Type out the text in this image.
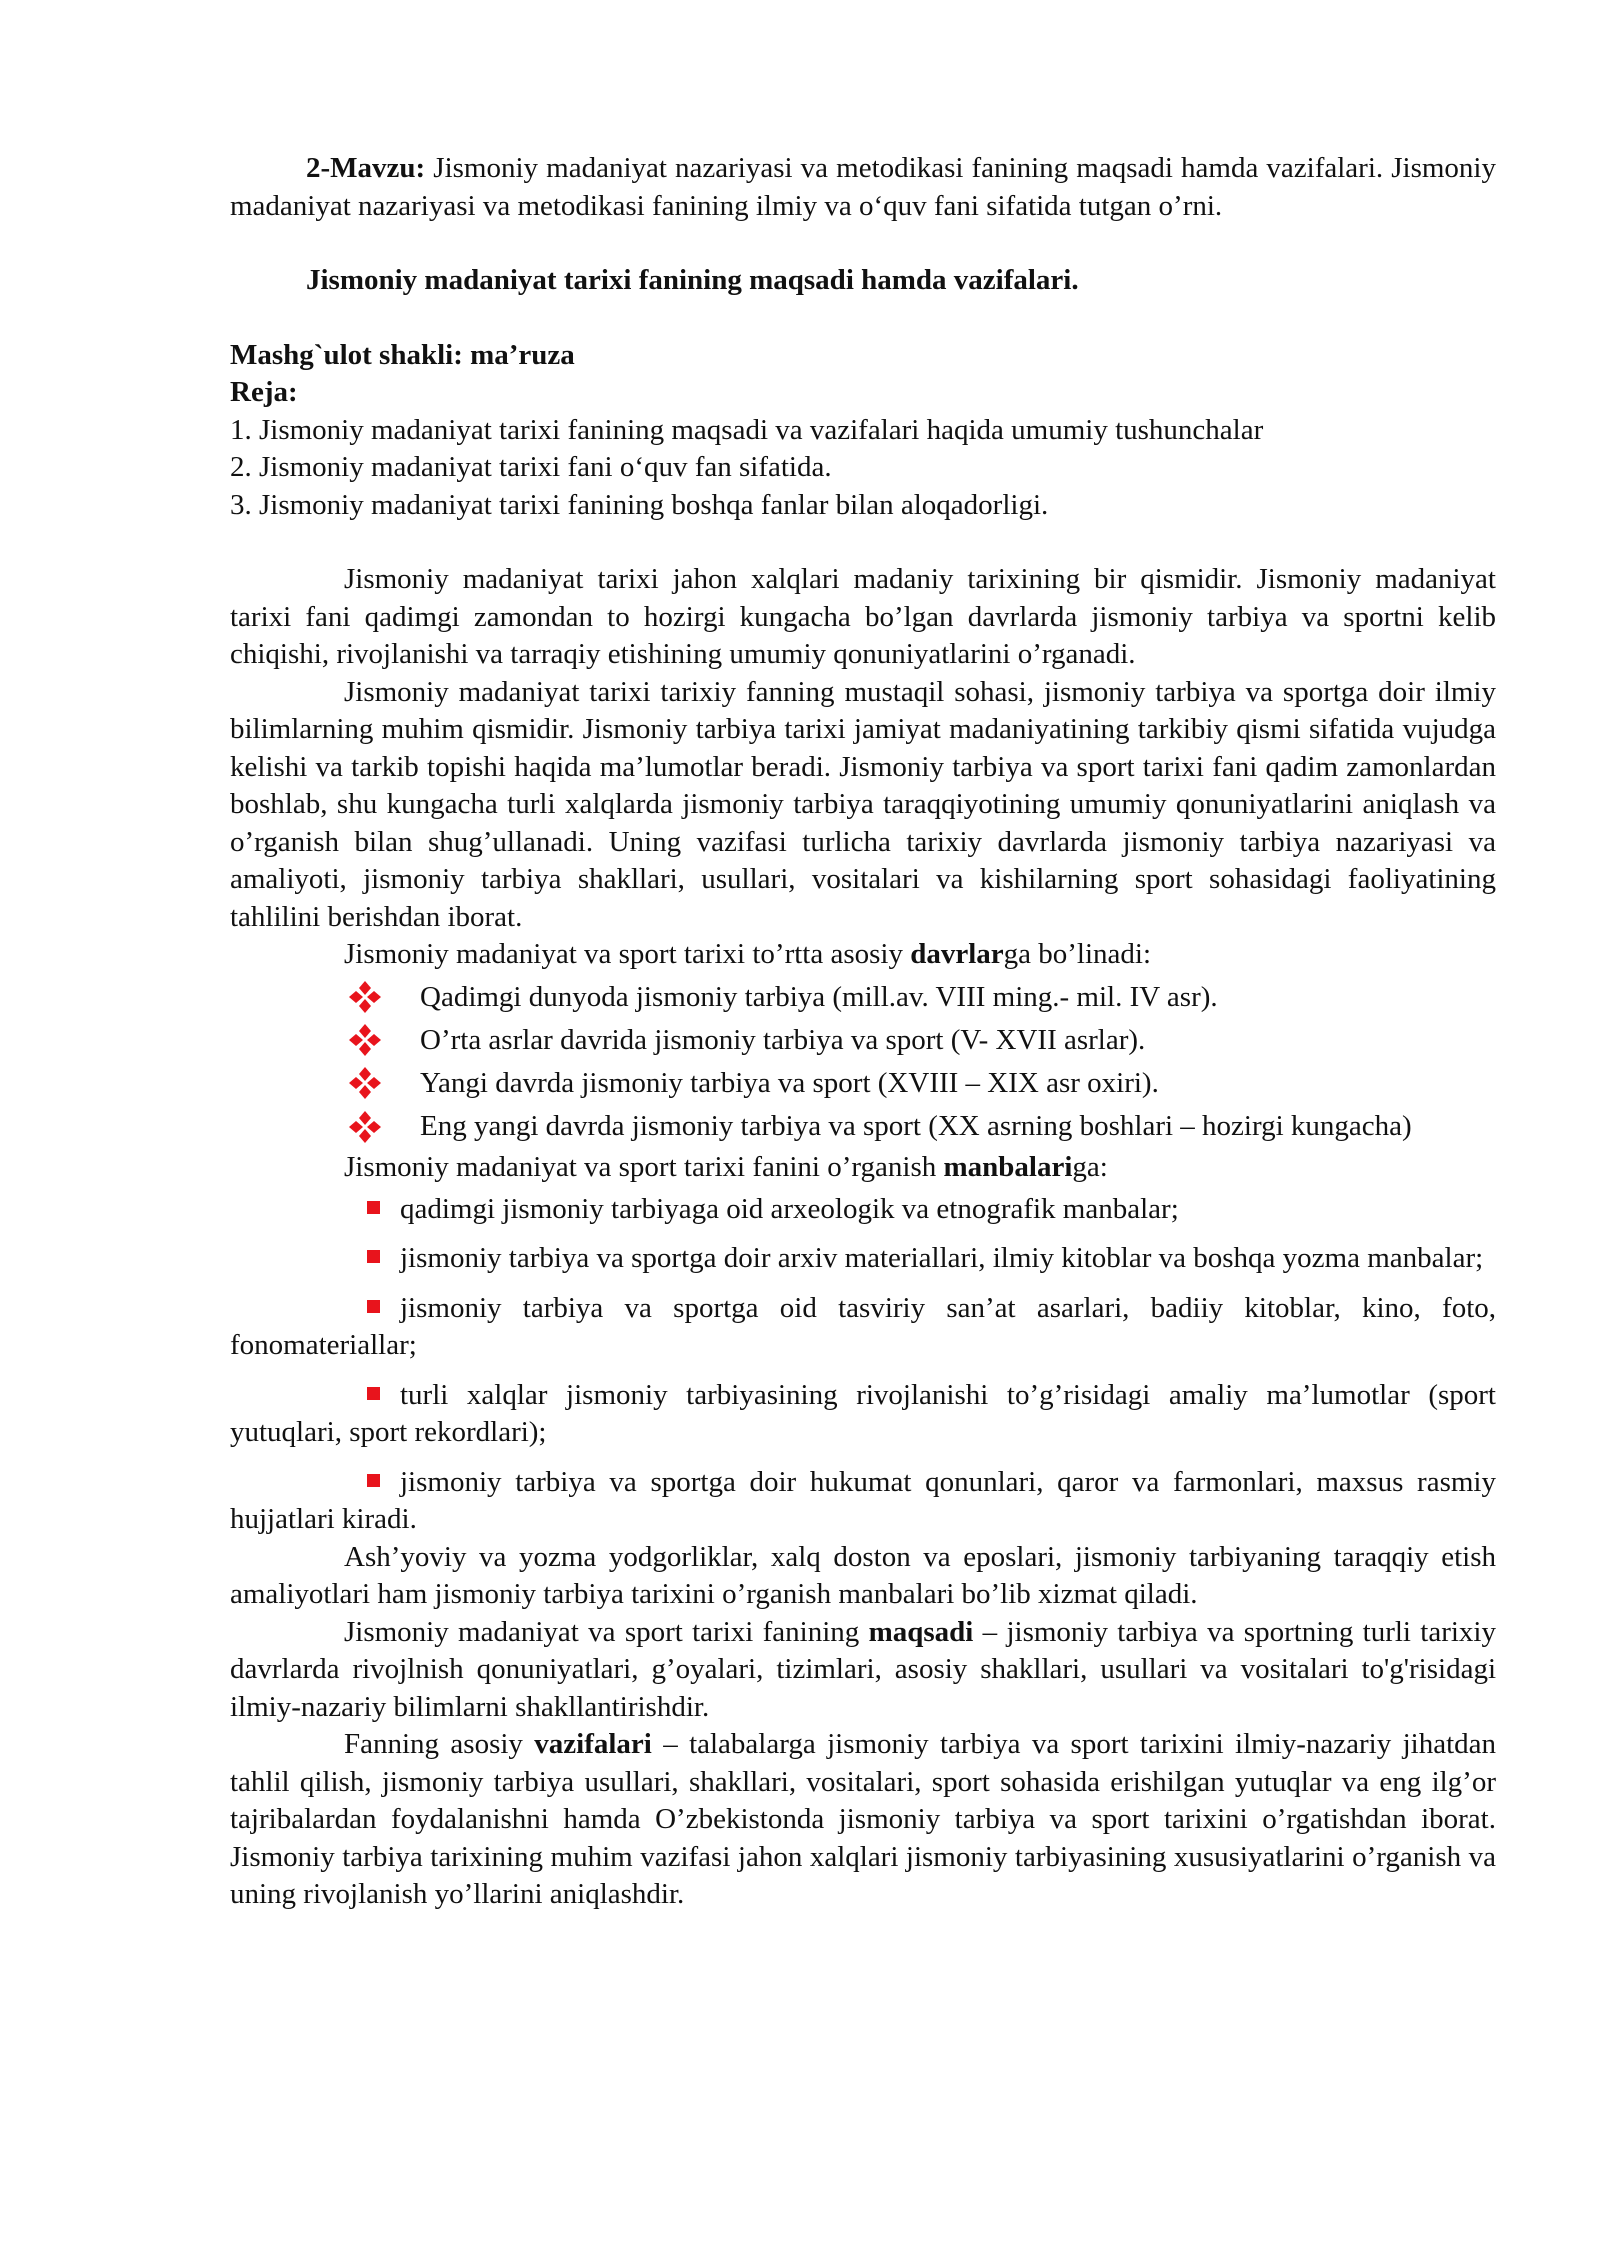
2-Mavzu: Jismoniy madaniyat nazariyasi va metodikasi fanining maqsadi hamda vazifalari. Jismoniy madaniyat nazariyasi va metodikasi fanining ilmiy va o‘quv fani sifatida tutgan o’rni.

Jismoniy madaniyat tarixi fanining maqsadi hamda vazifalari.

Mashg`ulot shakli: ma’ruza

Reja:

1. Jismoniy madaniyat tarixi fanining maqsadi va vazifalari haqida umumiy tushunchalar

2. Jismoniy madaniyat tarixi fani o‘quv fan sifatida.

3. Jismoniy madaniyat tarixi fanining boshqa fanlar bilan aloqadorligi.

Jismoniy madaniyat tarixi jahon xalqlari madaniy tarixining bir qismidir. Jismoniy madaniyat tarixi fani qadimgi zamondan to hozirgi kungacha bo’lgan davrlarda jismoniy tarbiya va sportni kelib chiqishi, rivojlanishi va tarraqiy etishining umumiy qonuniyatlarini o’rganadi.

Jismoniy madaniyat tarixi tarixiy fanning mustaqil sohasi, jismoniy tarbiya va sportga doir ilmiy bilimlarning muhim qismidir. Jismoniy tarbiya tarixi jamiyat madaniyatining tarkibiy qismi sifatida vujudga kelishi va tarkib topishi haqida ma’lumotlar beradi. Jismoniy tarbiya va sport tarixi fani qadim zamonlardan boshlab, shu kungacha turli xalqlarda jismoniy tarbiya taraqqiyotining umumiy qonuniyatlarini aniqlash va o’rganish bilan shug’ullanadi. Uning vazifasi turlicha tarixiy davrlarda jismoniy tarbiya nazariyasi va amaliyoti, jismoniy tarbiya shakllari, usullari, vositalari va kishilarning sport sohasidagi faoliyatining tahlilini berishdan iborat.

Jismoniy madaniyat va sport tarixi to’rtta asosiy davrlarga bo’linadi:

Qadimgi dunyoda jismoniy tarbiya (mill.av. VIII ming.- mil. IV asr).
O’rta asrlar davrida jismoniy tarbiya va sport (V- XVII asrlar).
Yangi davrda jismoniy tarbiya va sport (XVIII – XIX asr oxiri).
Eng yangi davrda jismoniy tarbiya va sport (XX asrning boshlari – hozirgi kungacha)

Jismoniy madaniyat va sport tarixi fanini o’rganish manbalariga:

qadimgi jismoniy tarbiyaga oid arxeologik va etnografik manbalar;
jismoniy tarbiya va sportga doir arxiv materiallari, ilmiy kitoblar va boshqa yozma manbalar;
jismoniy tarbiya va sportga oid tasviriy san’at asarlari, badiiy kitoblar, kino, foto, fonomateriallar;
turli xalqlar jismoniy tarbiyasining rivojlanishi to’g’risidagi amaliy ma’lumotlar (sport yutuqlari, sport rekordlari);
jismoniy tarbiya va sportga doir hukumat qonunlari, qaror va farmonlari, maxsus rasmiy hujjatlari kiradi.

Ash’yoviy va yozma yodgorliklar, xalq doston va eposlari, jismoniy tarbiyaning taraqqiy etish amaliyotlari ham jismoniy tarbiya tarixini o’rganish manbalari bo’lib xizmat qiladi.

Jismoniy madaniyat va sport tarixi fanining maqsadi – jismoniy tarbiya va sportning turli tarixiy davrlarda rivojlnish qonuniyatlari, g’oyalari, tizimlari, asosiy shakllari, usullari va vositalari to'g'risidagi ilmiy-nazariy bilimlarni shakllantirishdir.

Fanning asosiy vazifalari – talabalarga jismoniy tarbiya va sport tarixini ilmiy-nazariy jihatdan tahlil qilish, jismoniy tarbiya usullari, shakllari, vositalari, sport sohasida erishilgan yutuqlar va eng ilg’or tajribalardan foydalanishni hamda O’zbekistonda jismoniy tarbiya va sport tarixini o’rgatishdan iborat. Jismoniy tarbiya tarixining muhim vazifasi jahon xalqlari jismoniy tarbiyasining xususiyatlarini o’rganish va uning rivojlanish yo’llarini aniqlashdir.
